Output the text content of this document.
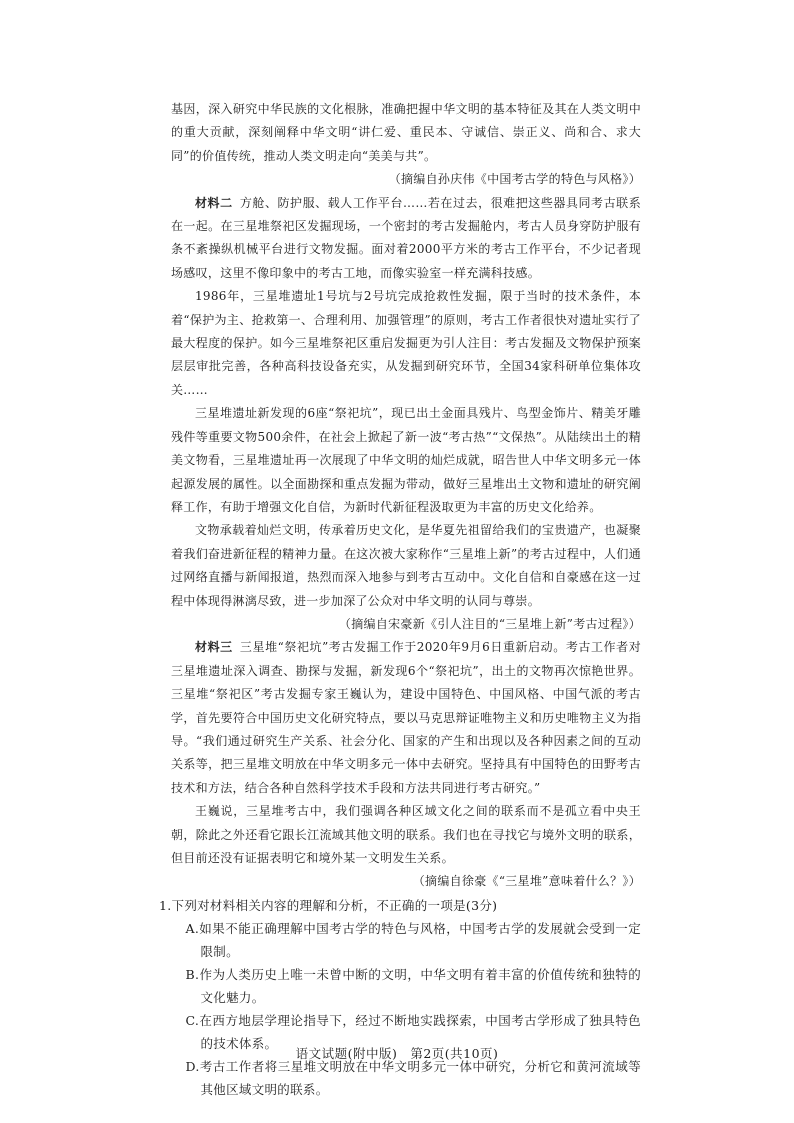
基因，深入研究中华民族的文化根脉，准确把握中华文明的基本特征及其在人类文明中的重大贡献，深刻阐释中华文明“讲仁爱、重民本、守诚信、崇正义、尚和合、求大同”的价值传统，推动人类文明走向“美美与共”。

（摘编自孙庆伟《中国考古学的特色与风格》）

材料二 方舱、防护服、载人工作平台……若在过去，很难把这些器具同考古联系在一起。在三星堆祭祀区发掘现场，一个密封的考古发掘舱内，考古人员身穿防护服有条不紊操纵机械平台进行文物发掘。面对着2000平方米的考古工作平台，不少记者现场感叹，这里不像印象中的考古工地，而像实验室一样充满科技感。

1986年，三星堆遗址1号坑与2号坑完成抢救性发掘，限于当时的技术条件，本着“保护为主、抢救第一、合理利用、加强管理”的原则，考古工作者很快对遗址实行了最大程度的保护。如今三星堆祭祀区重启发掘更为引人注目：考古发掘及文物保护预案层层审批完善，各种高科技设备充实，从发掘到研究环节，全国34家科研单位集体攻关……

三星堆遗址新发现的6座“祭祀坑”，现已出土金面具残片、鸟型金饰片、精美牙雕残件等重要文物500余件，在社会上掀起了新一波“考古热”“文保热”。从陆续出土的精美文物看，三星堆遗址再一次展现了中华文明的灿烂成就，昭告世人中华文明多元一体起源发展的属性。以全面勘探和重点发掘为带动，做好三星堆出土文物和遗址的研究阐释工作，有助于增强文化自信，为新时代新征程汲取更为丰富的历史文化给养。

文物承载着灿烂文明，传承着历史文化，是华夏先祖留给我们的宝贵遗产，也凝聚着我们奋进新征程的精神力量。在这次被大家称作“三星堆上新”的考古过程中，人们通过网络直播与新闻报道，热烈而深入地参与到考古互动中。文化自信和自豪感在这一过程中体现得淋漓尽致，进一步加深了公众对中华文明的认同与尊崇。

（摘编自宋豪新《引人注目的“三星堆上新”考古过程》）

材料三 三星堆“祭祀坑”考古发掘工作于2020年9月6日重新启动。考古工作者对三星堆遗址深入调查、勘探与发掘，新发现6个“祭祀坑”，出土的文物再次惊艳世界。三星堆“祭祀区”考古发掘专家王巍认为，建设中国特色、中国风格、中国气派的考古学，首先要符合中国历史文化研究特点，要以马克思辩证唯物主义和历史唯物主义为指导。“我们通过研究生产关系、社会分化、国家的产生和出现以及各种因素之间的互动关系等，把三星堆文明放在中华文明多元一体中去研究。坚持具有中国特色的田野考古技术和方法，结合各种自然科学技术手段和方法共同进行考古研究。”

王巍说，三星堆考古中，我们强调各种区域文化之间的联系而不是孤立看中央王朝，除此之外还看它跟长江流域其他文明的联系。我们也在寻找它与境外文明的联系，但目前还没有证据表明它和境外某一文明发生关系。

（摘编自徐豪《“三星堆”意味着什么？》）

1.下列对材料相关内容的理解和分析，不正确的一项是(3分)

A.如果不能正确理解中国考古学的特色与风格，中国考古学的发展就会受到一定限制。

B.作为人类历史上唯一未曾中断的文明，中华文明有着丰富的价值传统和独特的文化魅力。

C.在西方地层学理论指导下，经过不断地实践探索，中国考古学形成了独具特色的技术体系。

D.考古工作者将三星堆文明放在中华文明多元一体中研究，分析它和黄河流域等其他区域文明的联系。

语文试题(附中版)　第2页(共10页)
